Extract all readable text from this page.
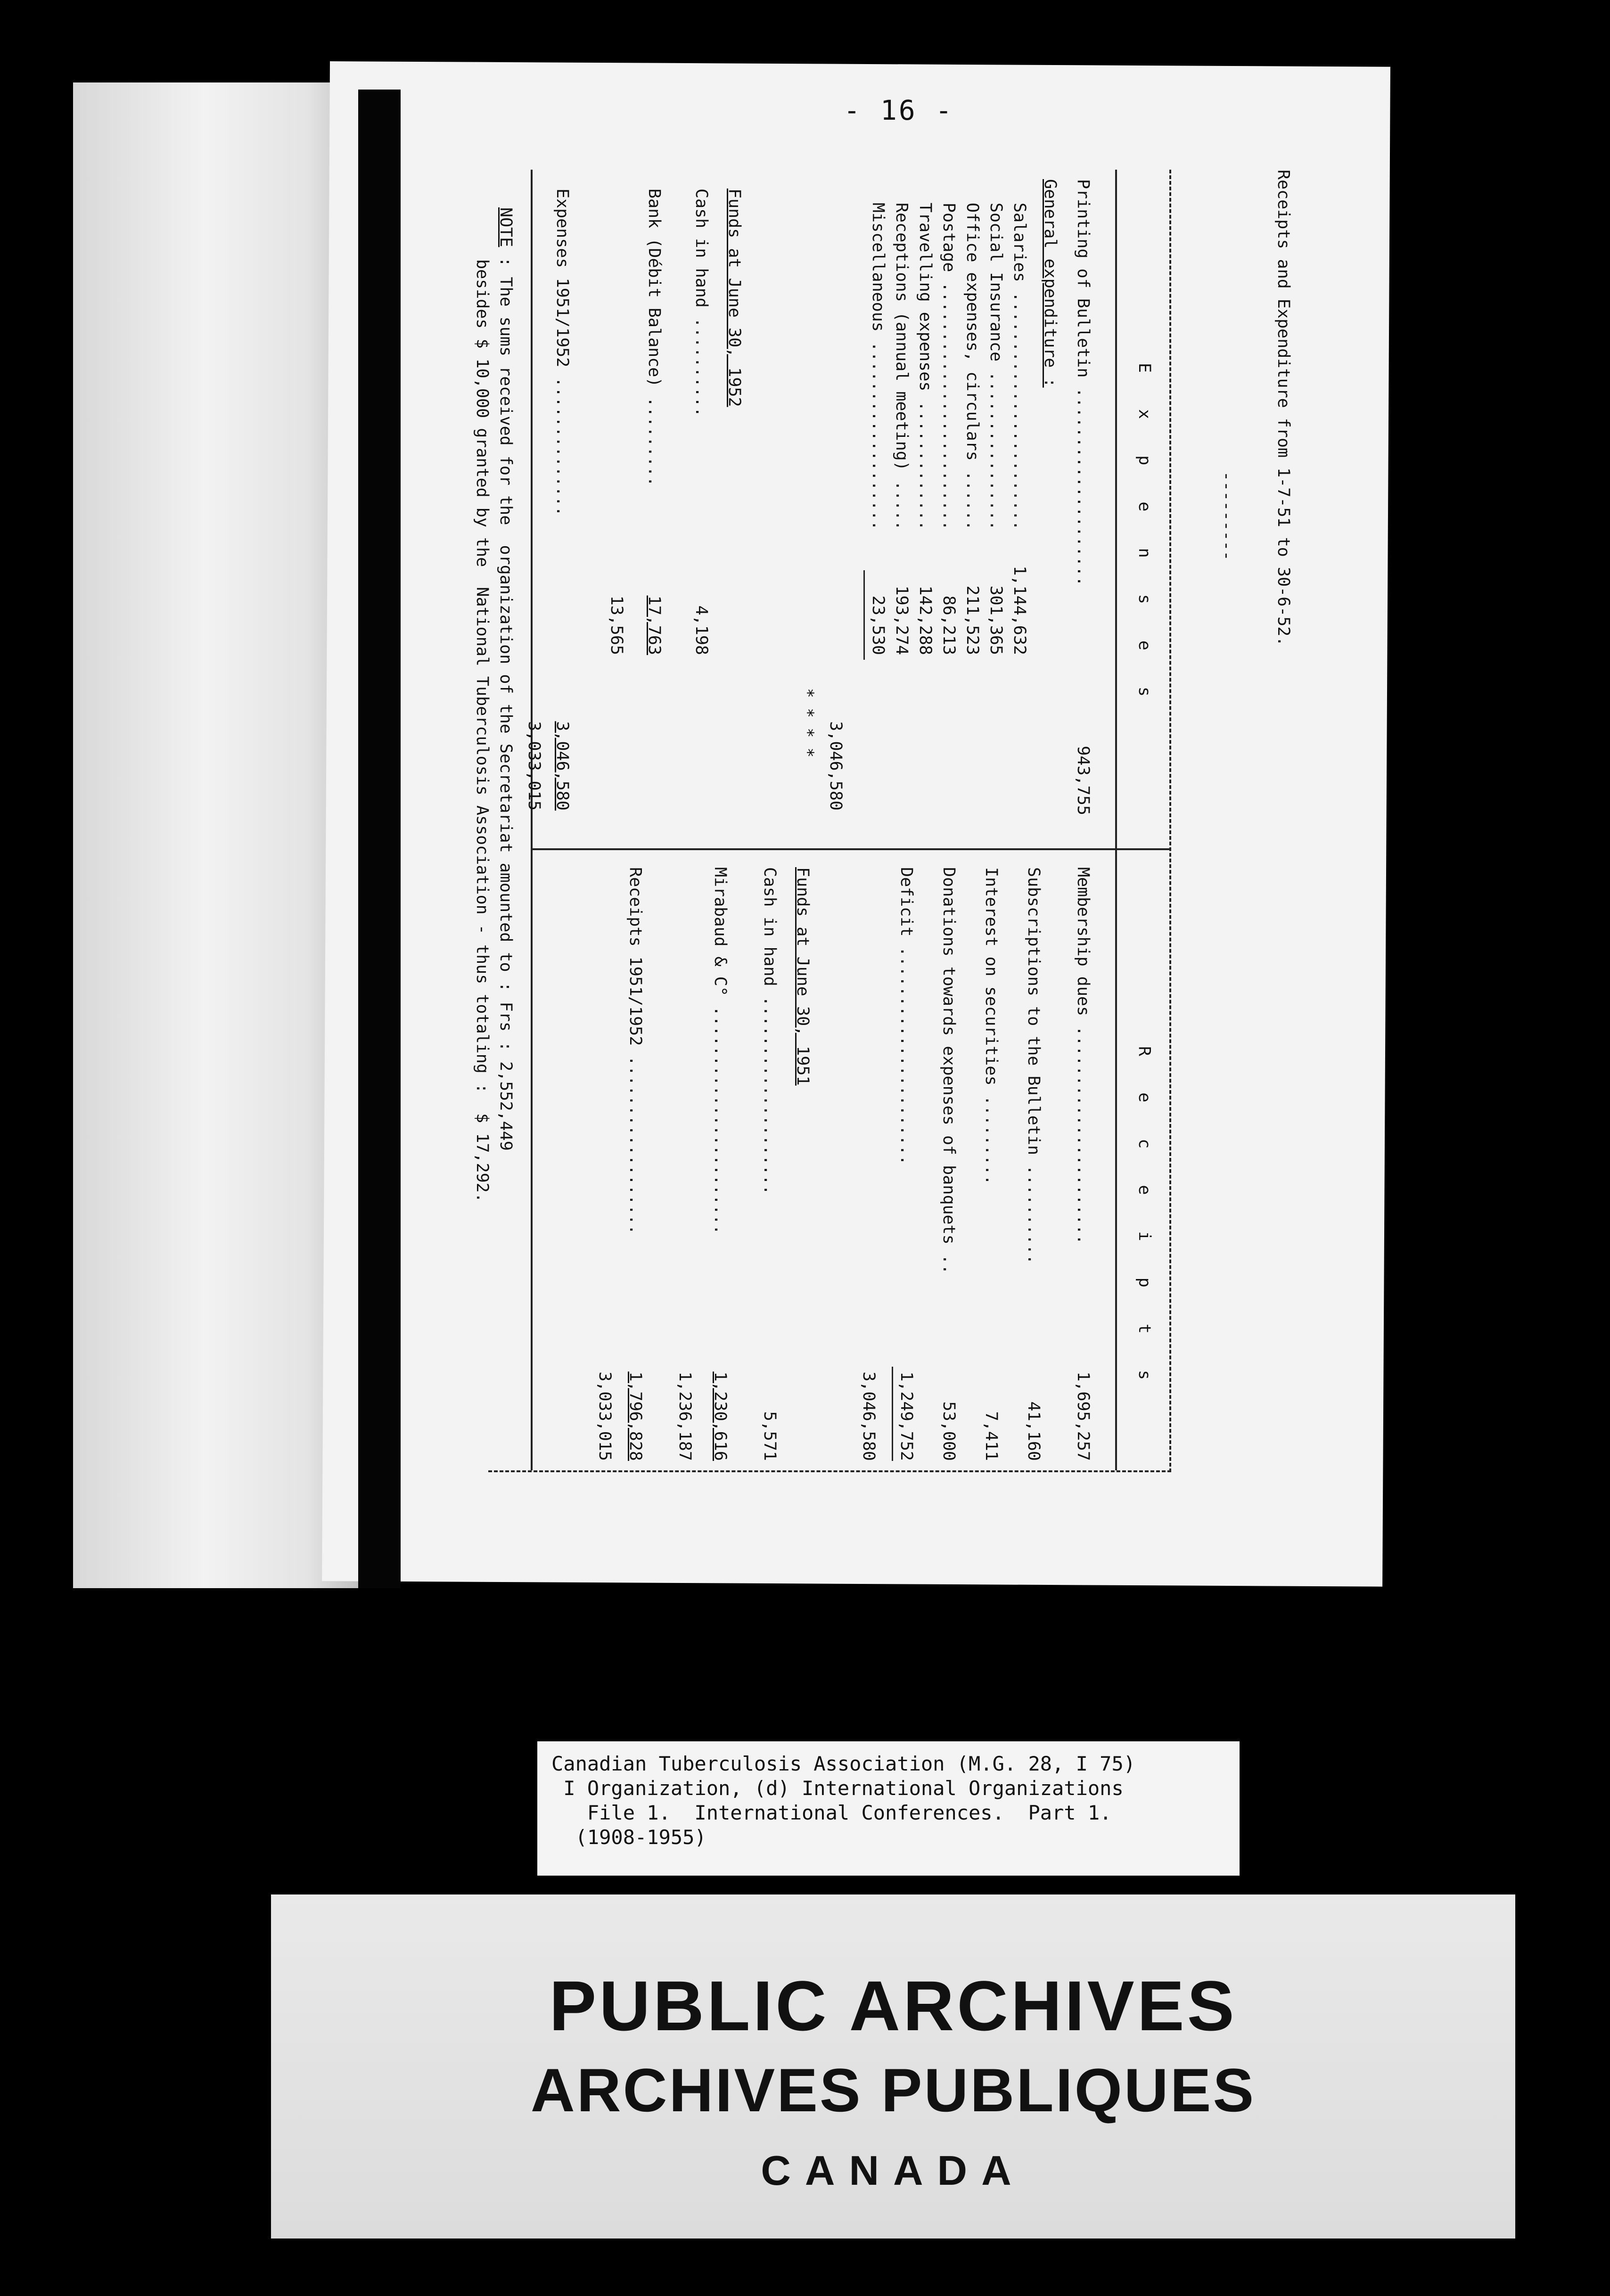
- 16 -
Receipts and Expenditure from 1-7-51 to 30-6-52.
---------
E x p e n s e s
Printing of Bulletin ....................
943,755
General expenditure :
Salaries ........................
1,144,632
Social Insurance ................
301,365
Office expenses, circulars ......
211,523
Postage .........................
86,213
Travelling expenses .............
142,288
Receptions (annual meeting) .....
193,274
Miscellaneous ...................
23,530
3,046,580
* * * *
Funds at June 30, 1952
Cash in hand ..........
4,198
Bank (Débit Balance) .........
17,763
13,565
Expenses 1951/1952 ..............
3,046,580
3,033,015
R e c e i p t s
Membership dues ......................
1,695,257
Subscriptions to the Bulletin ..........
41,160
Interest on securities .........
7,411
Donations towards expenses of banquets ..
53,000
Deficit ......................
1,249,752
3,046,580
Funds at June 30, 1951
Cash in hand ....................
5,571
Mirabaud & C° .......................
1,230,616
1,236,187
Receipts 1951/1952 ..................
1,796,828
3,033,015
NOTE : The sums received for the  organization of the Secretariat amounted to : Frs : 2,552,449
besides $ 10,000 granted by the  National Tuberculosis Association - thus totaling :  $ 17,292.
Canadian Tuberculosis Association (M.G. 28, I 75)
I Organization, (d) International Organizations
File 1.  International Conferences.  Part 1.
(1908-1955)
PUBLIC ARCHIVES
ARCHIVES PUBLIQUES
CANADA
